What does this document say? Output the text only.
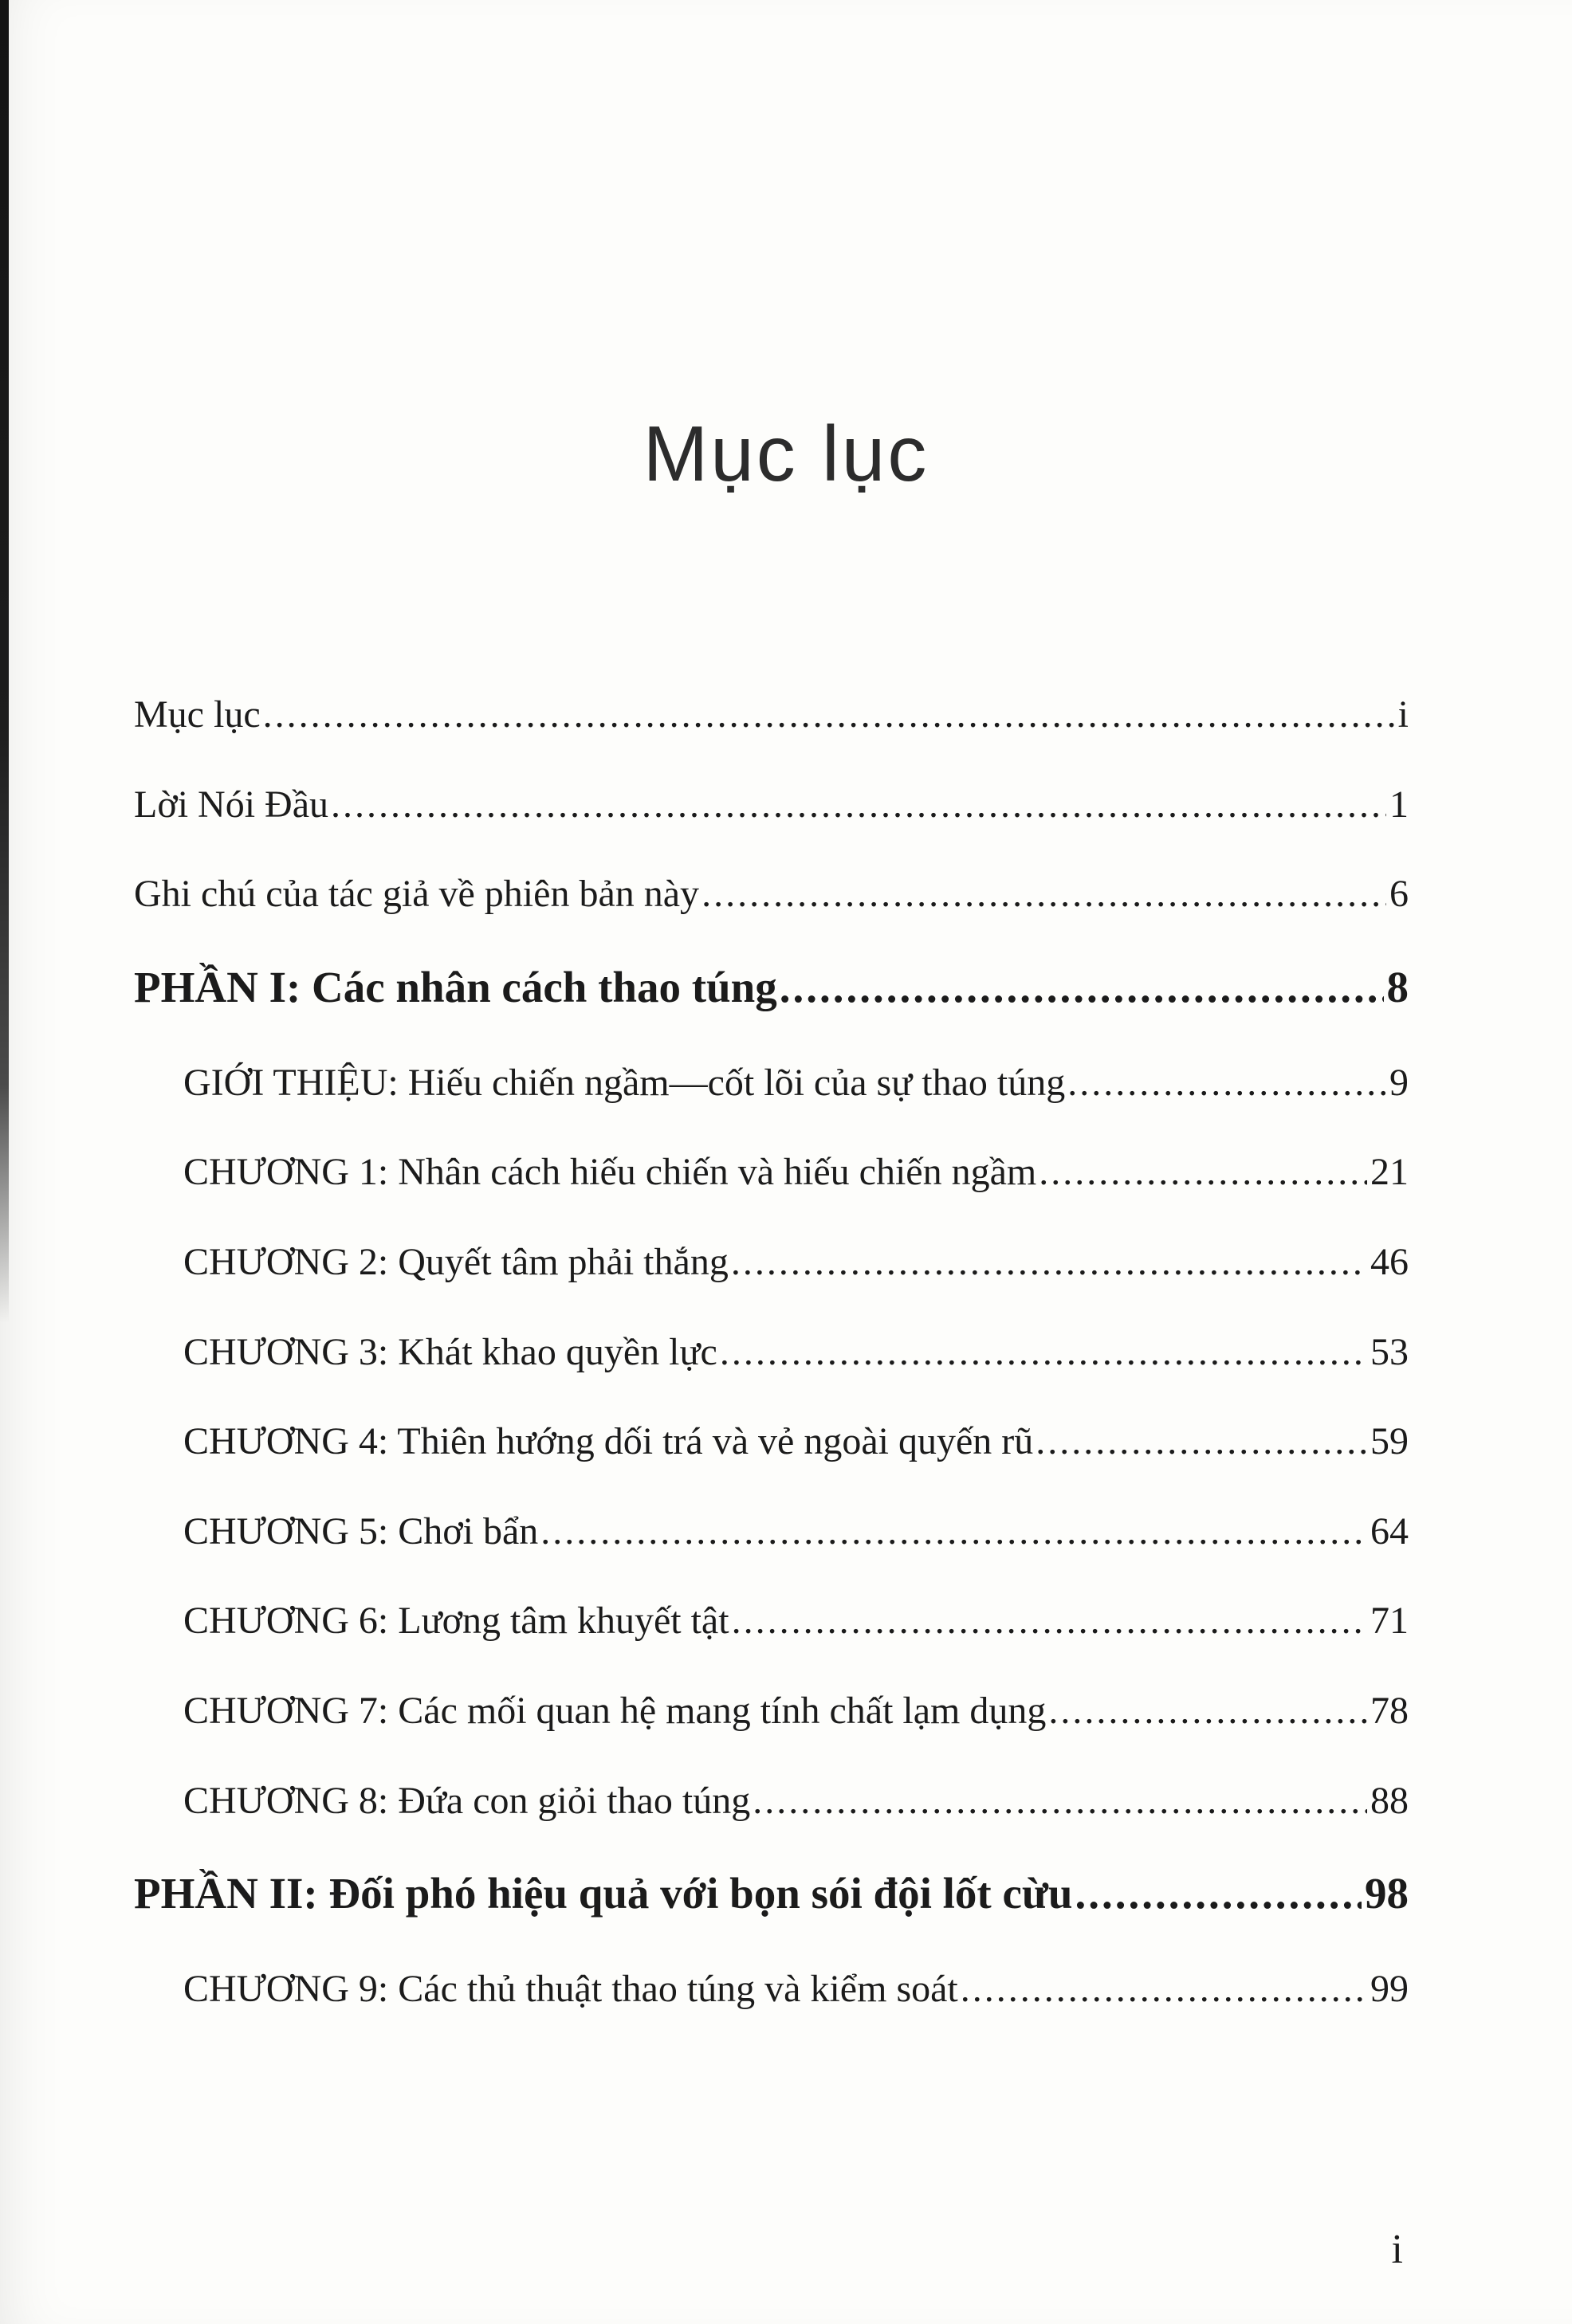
Mục lục
Mục lục .....	i
Lời Nói Đầu .....	1
Ghi chú của tác giả về phiên bản này .....	6
PHẦN I: Các nhân cách thao túng .....	8
GIỚI THIỆU: Hiếu chiến ngầm—cốt lõi của sự thao túng .....	9
CHƯƠNG 1: Nhân cách hiếu chiến và hiếu chiến ngầm .....	21
CHƯƠNG 2: Quyết tâm phải thắng .....	46
CHƯƠNG 3: Khát khao quyền lực .....	53
CHƯƠNG 4: Thiên hướng dối trá và vẻ ngoài quyến rũ .....	59
CHƯƠNG 5: Chơi bẩn .....	64
CHƯƠNG 6: Lương tâm khuyết tật .....	71
CHƯƠNG 7: Các mối quan hệ mang tính chất lạm dụng .....	78
CHƯƠNG 8: Đứa con giỏi thao túng .....	88
PHẦN II: Đối phó hiệu quả với bọn sói đội lốt cừu .....	98
CHƯƠNG 9: Các thủ thuật thao túng và kiểm soát .....	99
i
